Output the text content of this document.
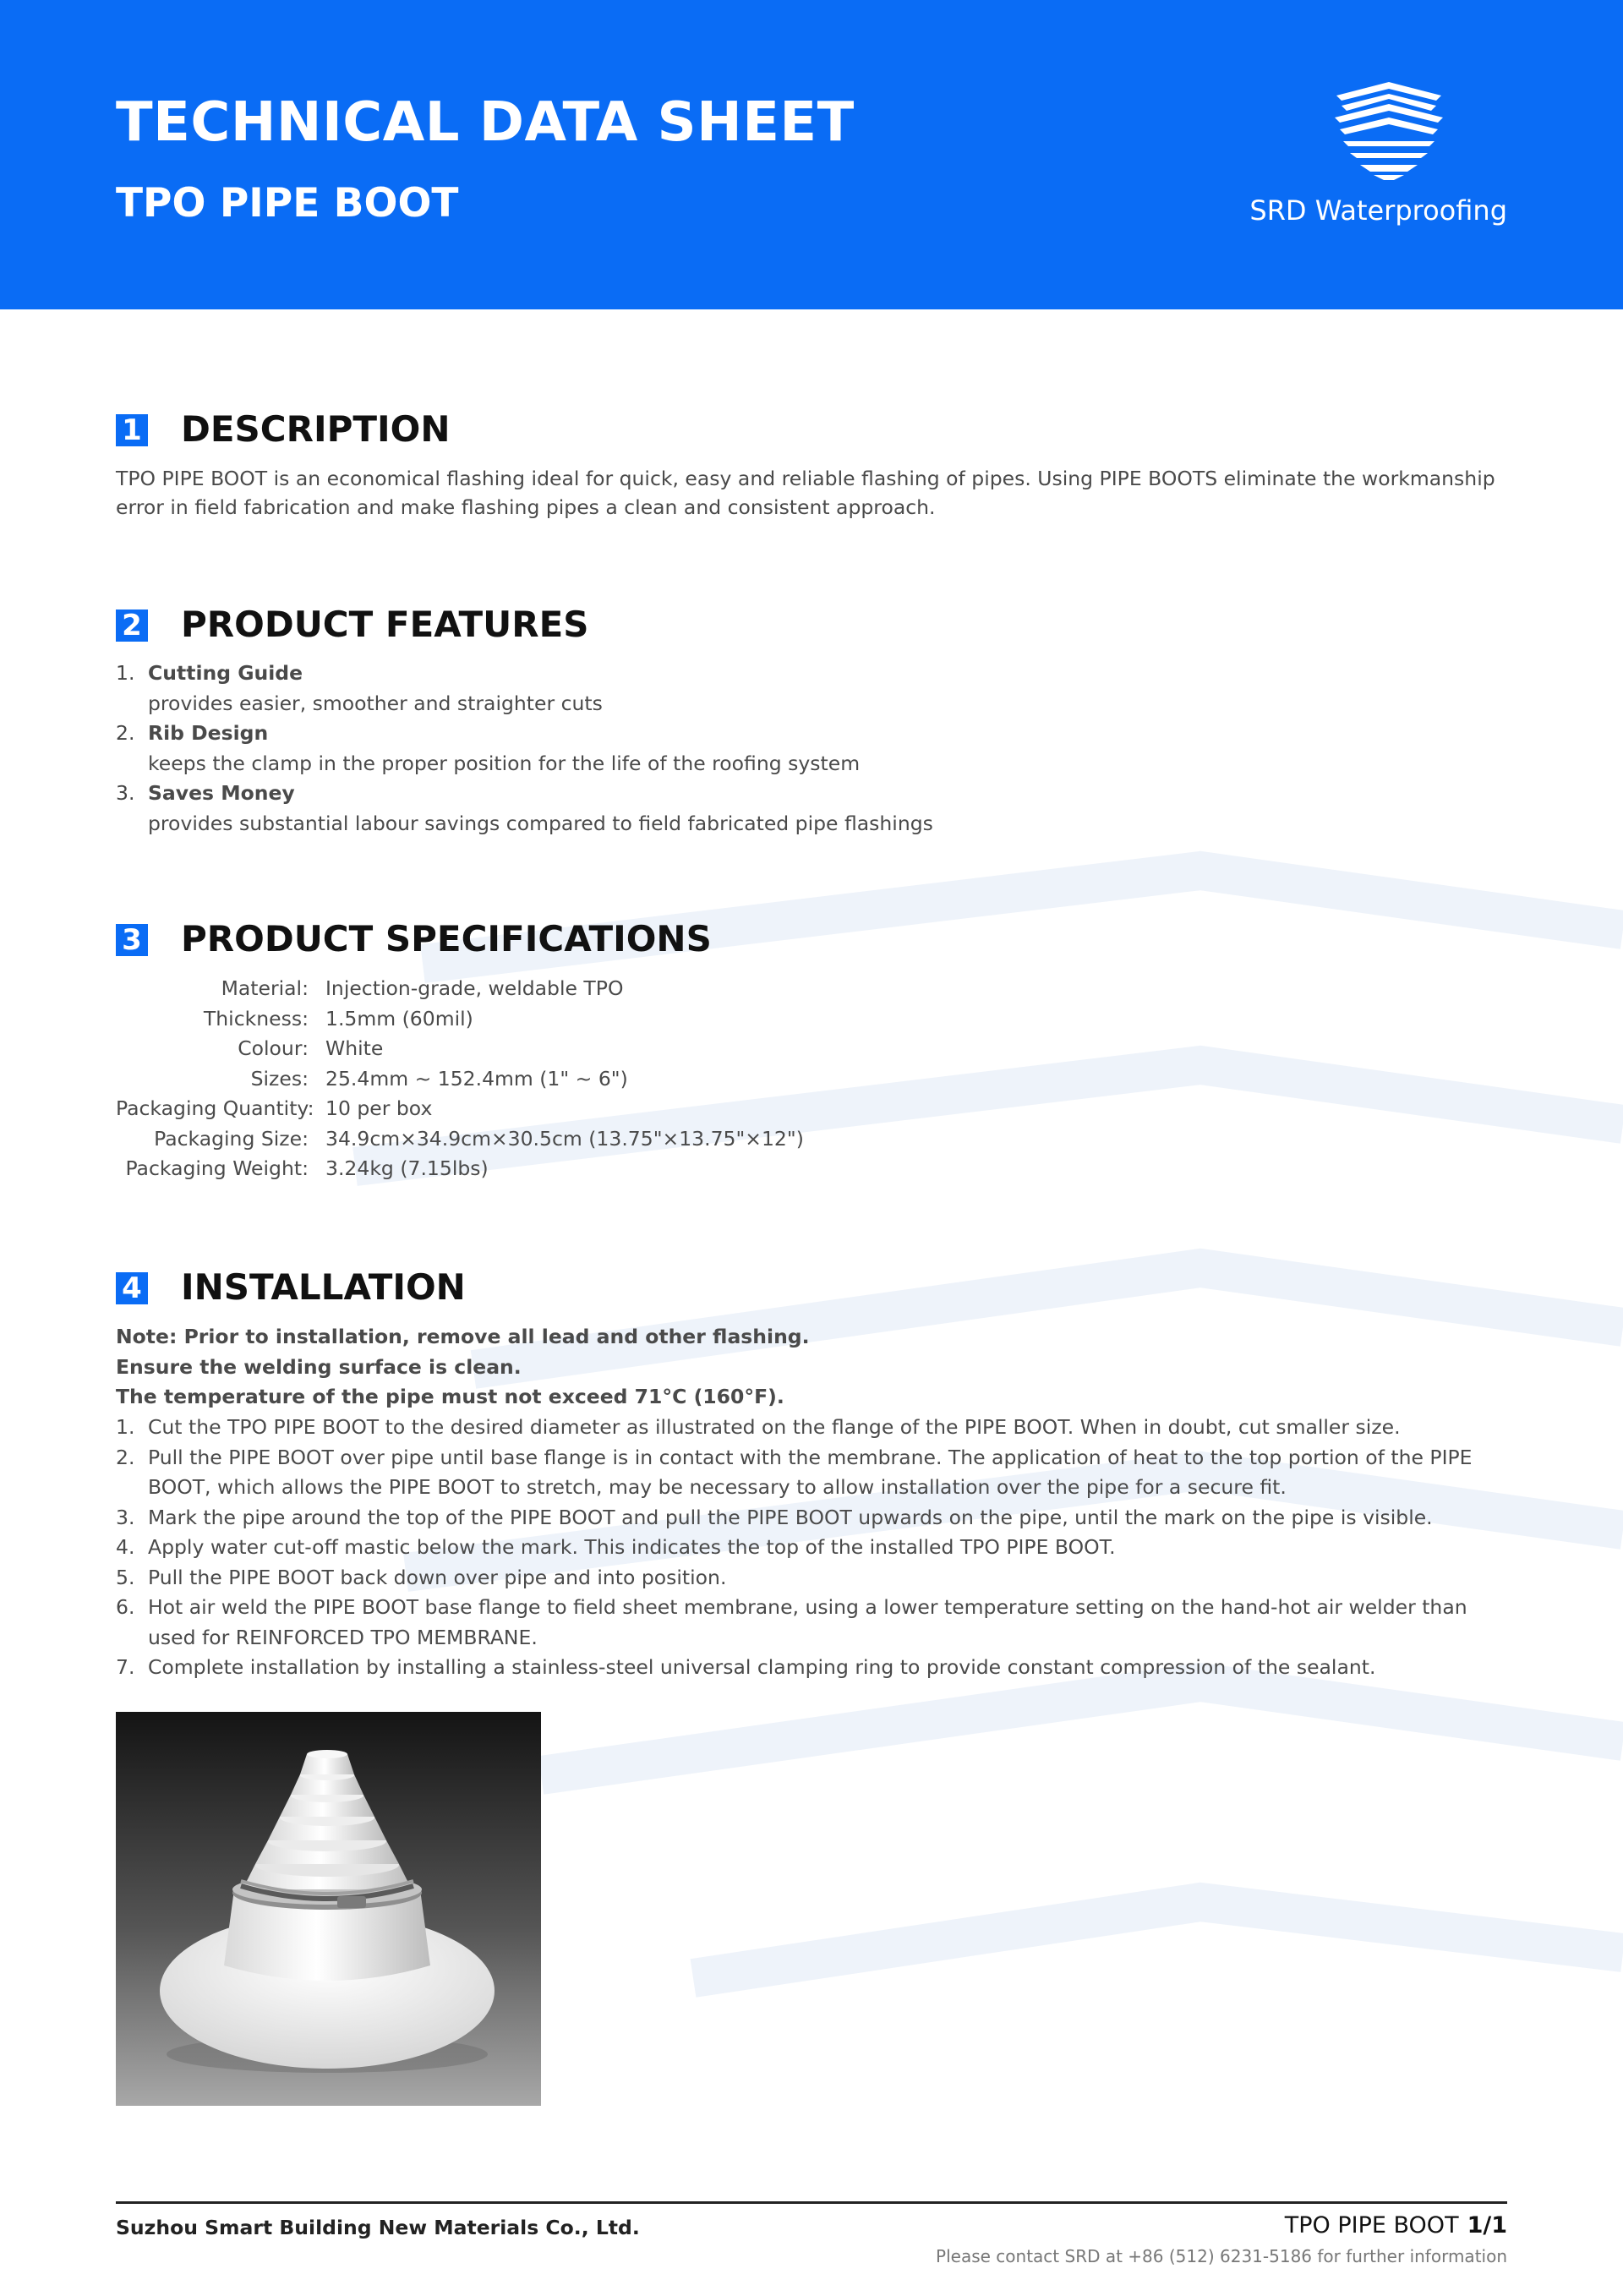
TECHNICAL DATA SHEET
TPO PIPE BOOT	SRD Waterproofing
1 DESCRIPTION

TPO PIPE BOOT is an economical flashing ideal for quick, easy and reliable flashing of pipes. Using PIPE BOOTS eliminate the workmanship error in field fabrication and make flashing pipes a clean and consistent approach.

2 PRODUCT FEATURES
1. Cutting Guide
provides easier, smoother and straighter cuts
2. Rib Design
keeps the clamp in the proper position for the life of the roofing system
3. Saves Money
provides substantial labour savings compared to field fabricated pipe flashings
3 PRODUCT SPECIFICATIONS
Material: Injection-grade, weldable TPO
Thickness: 1.5mm (60mil)
Colour: White
Sizes: 25.4mm ~ 152.4mm (1" ~ 6")
Packaging Quantity: 10 per box
Packaging Size: 34.9cm×34.9cm×30.5cm (13.75"×13.75"×12")
Packaging Weight: 3.24kg (7.15lbs)
4 INSTALLATION
Note: Prior to installation, remove all lead and other flashing.
Ensure the welding surface is clean.
The temperature of the pipe must not exceed 71°C (160°F).
1. Cut the TPO PIPE BOOT to the desired diameter as illustrated on the flange of the PIPE BOOT. When in doubt, cut smaller size.
2. Pull the PIPE BOOT over pipe until base flange is in contact with the membrane. The application of heat to the top portion of the PIPE BOOT, which allows the PIPE BOOT to stretch, may be necessary to allow installation over the pipe for a secure fit.
3. Mark the pipe around the top of the PIPE BOOT and pull the PIPE BOOT upwards on the pipe, until the mark on the pipe is visible.
4. Apply water cut-off mastic below the mark. This indicates the top of the installed TPO PIPE BOOT.
5. Pull the PIPE BOOT back down over pipe and into position.
6. Hot air weld the PIPE BOOT base flange to field sheet membrane, using a lower temperature setting on the hand-hot air welder than used for REINFORCED TPO MEMBRANE.
7. Complete installation by installing a stainless-steel universal clamping ring to provide constant compression of the sealant.
Suzhou Smart Building New Materials Co., Ltd.	TPO PIPE BOOT 1/1
Please contact SRD at +86 (512) 6231-5186 for further information
